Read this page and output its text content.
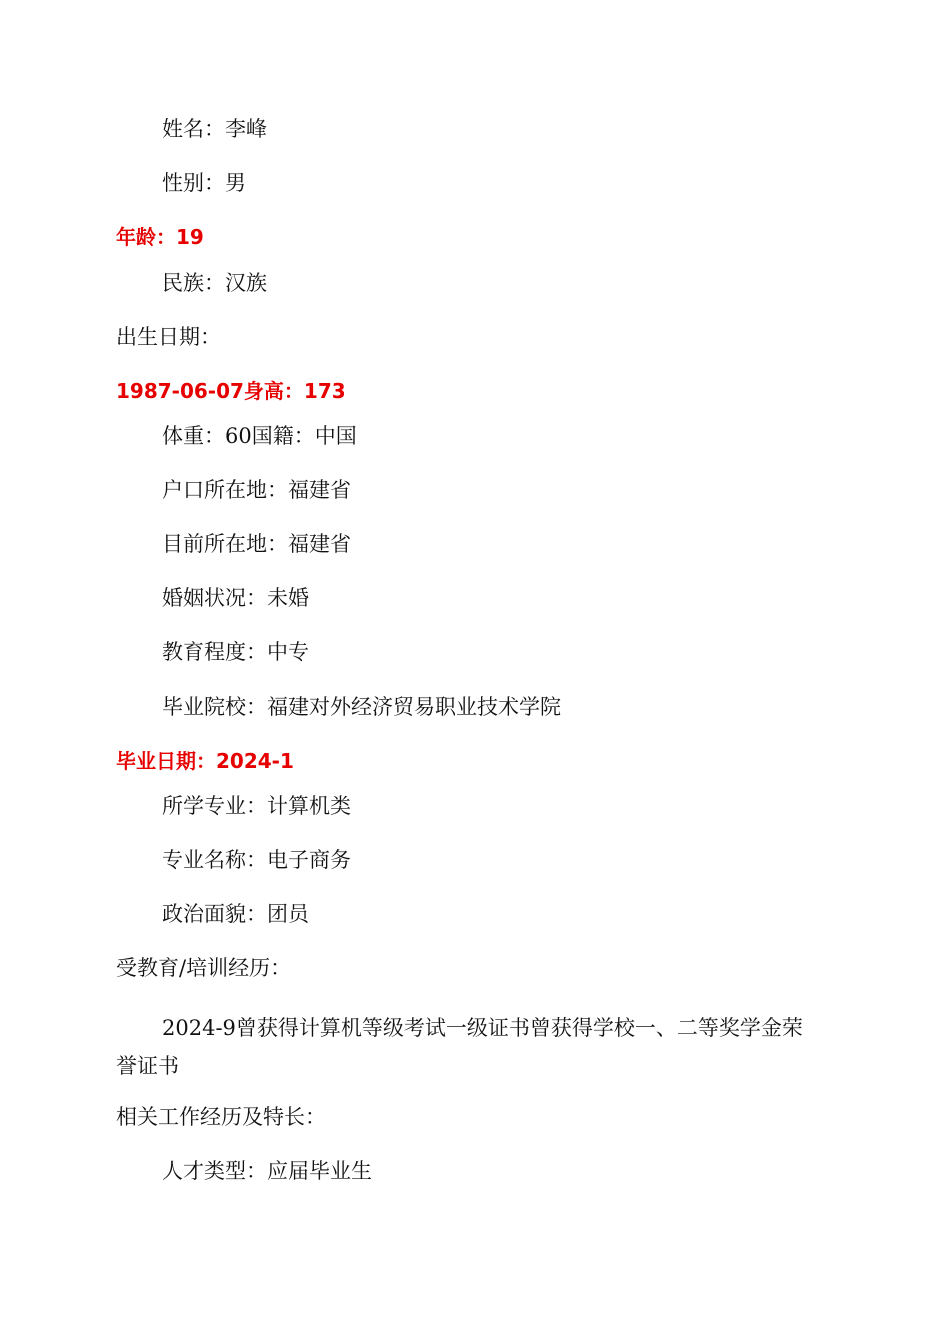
姓名：李峰
性别：男
年龄：19
民族：汉族
出生日期：
1987-06-07身高：173
体重：60国籍：中国
户口所在地：福建省
目前所在地：福建省
婚姻状况：未婚
教育程度：中专
毕业院校：福建对外经济贸易职业技术学院
毕业日期：2024-1
所学专业：计算机类
专业名称：电子商务
政治面貌：团员
受教育/培训经历：
2024-9曾获得计算机等级考试一级证书曾获得学校一、二等奖学金荣誉证书
相关工作经历及特长：
人才类型：应届毕业生
